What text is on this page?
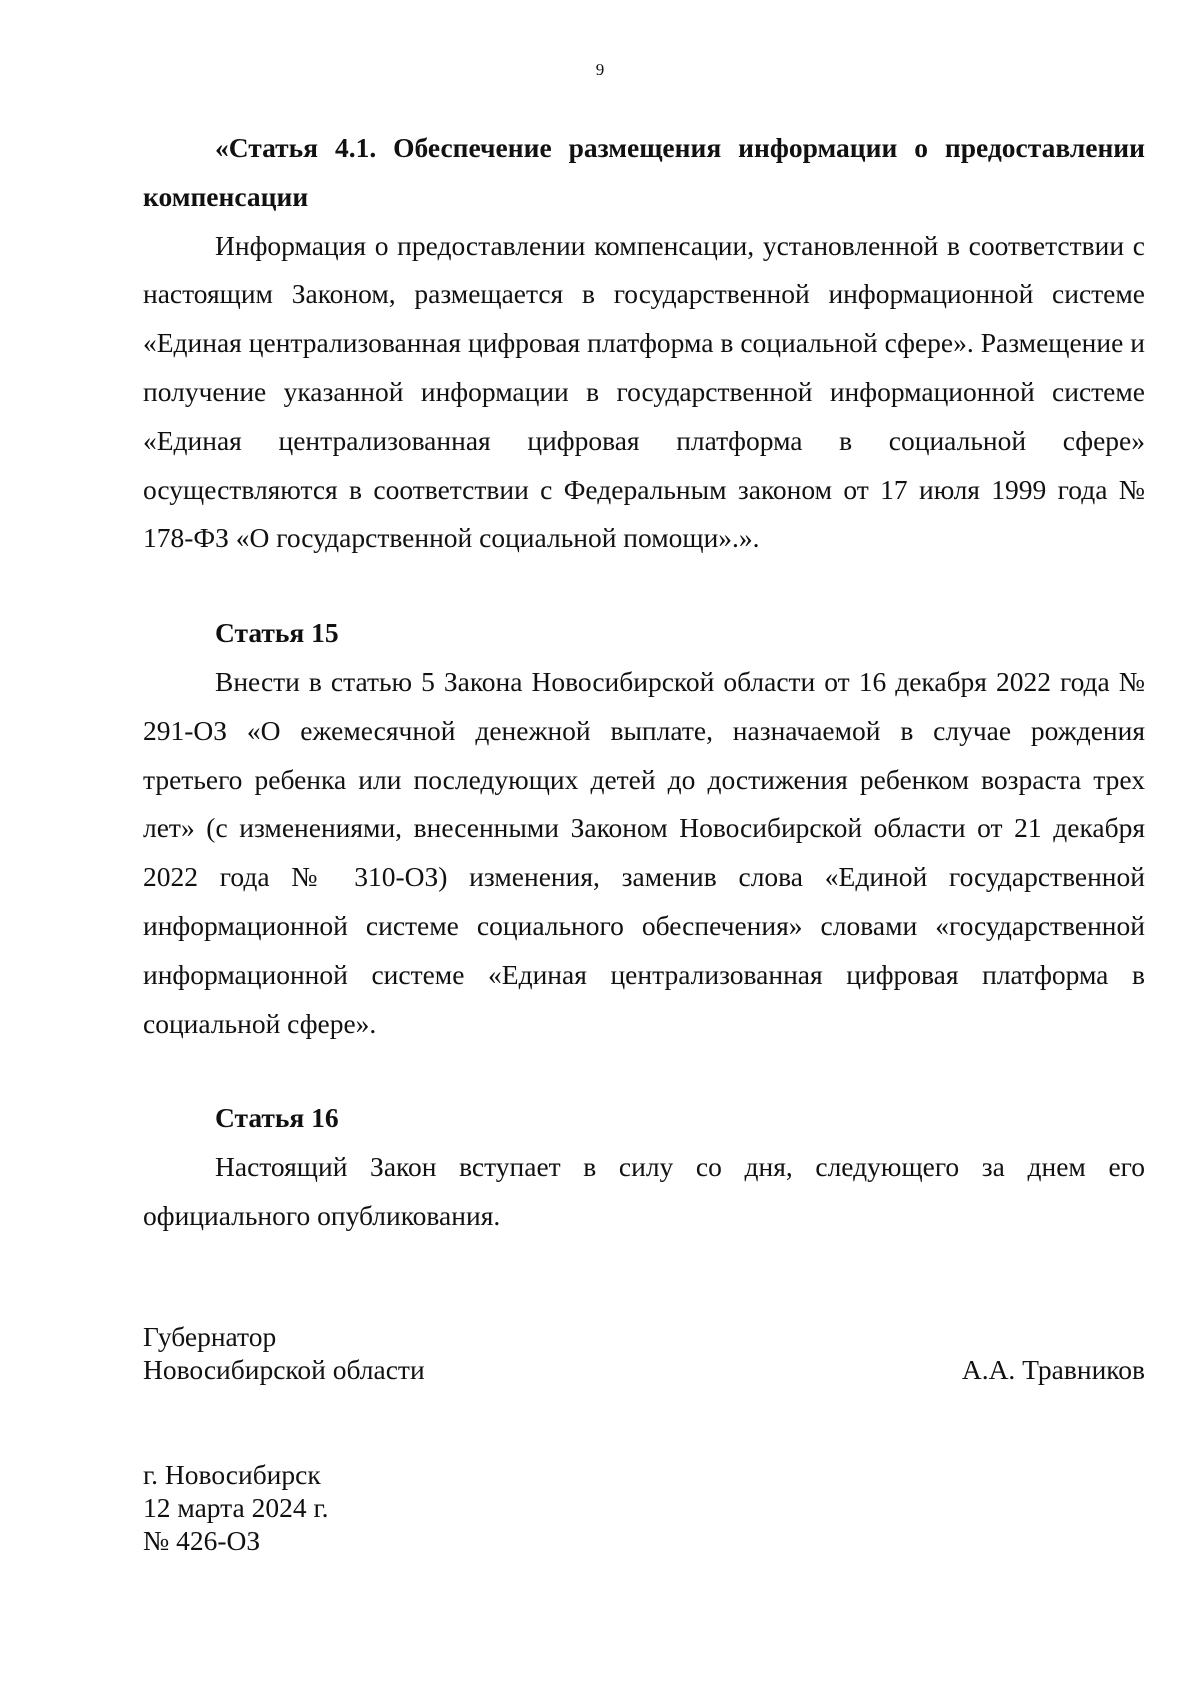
9

«Статья 4.1. Обеспечение размещения информации о предоставлении компенсации

Информация о предоставлении компенсации, установленной в соответствии с настоящим Законом, размещается в государственной информационной системе «Единая централизованная цифровая платформа в социальной сфере». Размещение и получение указанной информации в государственной информационной системе «Единая централизованная цифровая платформа в социальной сфере» осуществляются в соответствии с Федеральным законом от 17 июля 1999 года № 178-ФЗ «О государственной социальной помощи».».

Статья 15

Внести в статью 5 Закона Новосибирской области от 16 декабря 2022 года № 291-ОЗ «О ежемесячной денежной выплате, назначаемой в случае рождения третьего ребенка или последующих детей до достижения ребенком возраста трех лет» (с изменениями, внесенными Законом Новосибирской области от 21 декабря 2022 года № 310-ОЗ) изменения, заменив слова «Единой государственной информационной системе социального обеспечения» словами «государственной информационной системе «Единая централизованная цифровая платформа в социальной сфере».

Статья 16

Настоящий Закон вступает в силу со дня, следующего за днем его официального опубликования.

Губернатор
Новосибирской области	А.А. Травников
г. Новосибирск
12 марта 2024 г.
№ 426-ОЗ
